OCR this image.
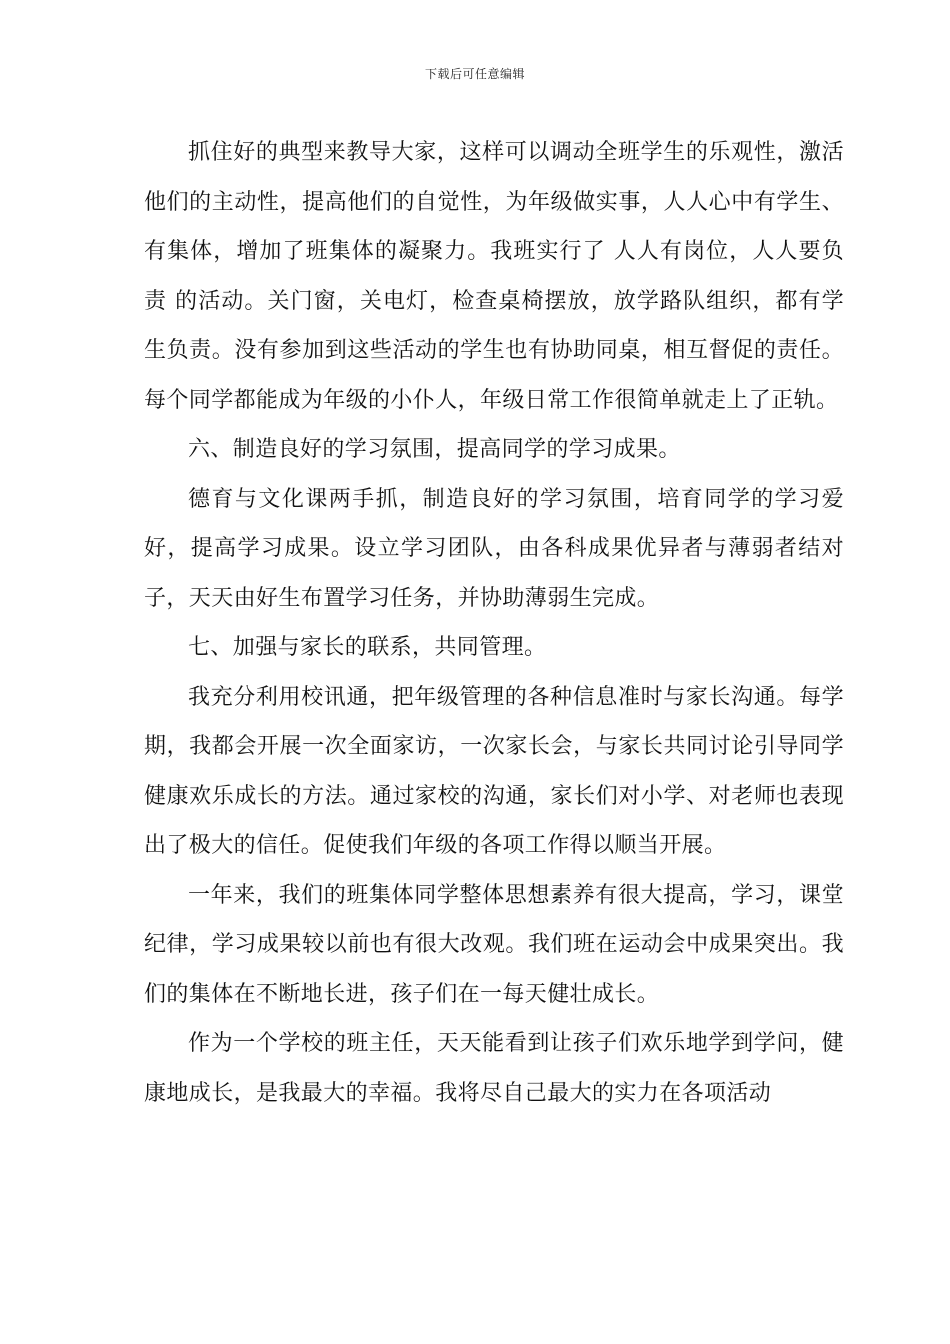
下载后可任意编辑

抓住好的典型来教导大家，这样可以调动全班学生的乐观性，激活他们的主动性，提高他们的自觉性，为年级做实事，人人心中有学生、有集体，增加了班集体的凝聚力。我班实行了 人人有岗位，人人要负责 的活动。关门窗，关电灯，检查桌椅摆放，放学路队组织，都有学生负责。没有参加到这些活动的学生也有协助同桌，相互督促的责任。每个同学都能成为年级的小仆人，年级日常工作很简单就走上了正轨。

六、制造良好的学习氛围，提高同学的学习成果。

德育与文化课两手抓，制造良好的学习氛围，培育同学的学习爱好，提高学习成果。设立学习团队，由各科成果优异者与薄弱者结对子，天天由好生布置学习任务，并协助薄弱生完成。

七、加强与家长的联系，共同管理。

我充分利用校讯通，把年级管理的各种信息准时与家长沟通。每学期，我都会开展一次全面家访，一次家长会，与家长共同讨论引导同学健康欢乐成长的方法。通过家校的沟通，家长们对小学、对老师也表现出了极大的信任。促使我们年级的各项工作得以顺当开展。

一年来，我们的班集体同学整体思想素养有很大提高，学习，课堂纪律，学习成果较以前也有很大改观。我们班在运动会中成果突出。我们的集体在不断地长进，孩子们在一每天健壮成长。

作为一个学校的班主任，天天能看到让孩子们欢乐地学到学问，健康地成长，是我最大的幸福。我将尽自己最大的实力在各项活动
